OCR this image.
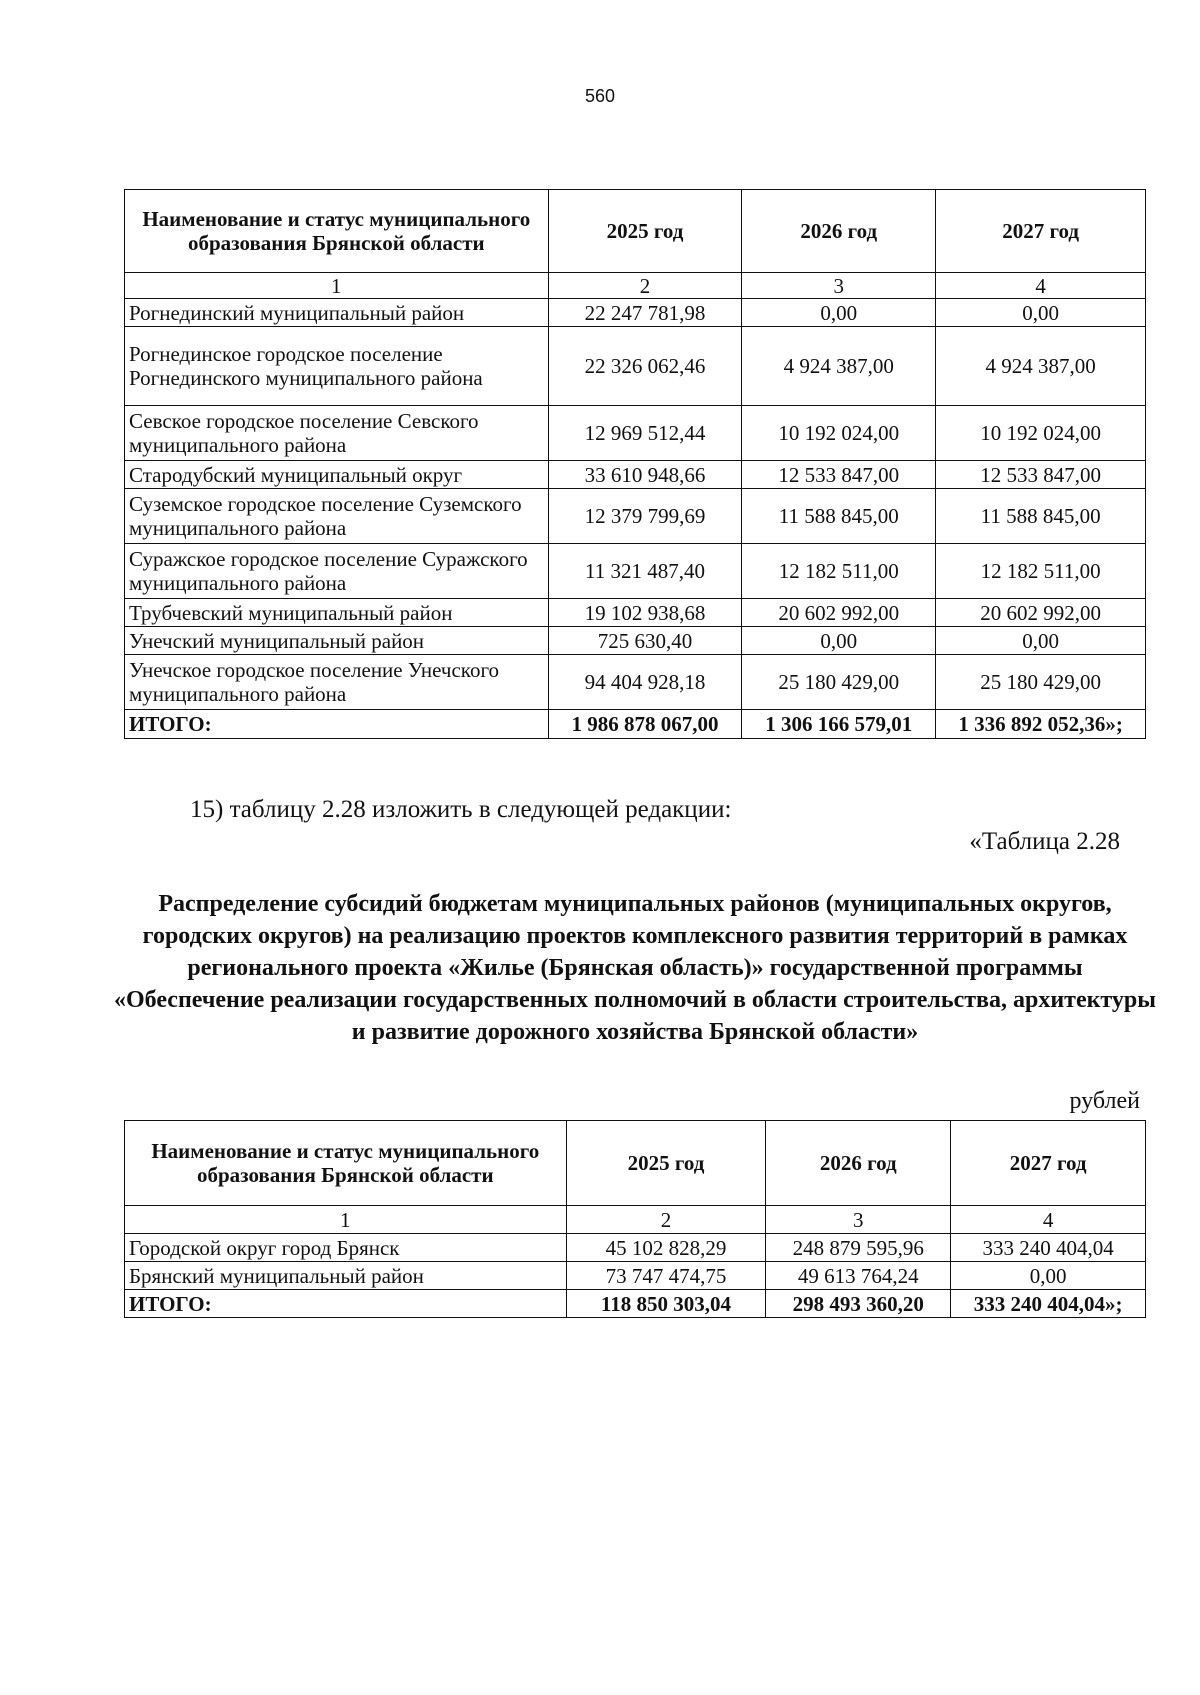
560
Наименование и статус муниципального образования Брянской области	2025 год	2026 год	2027 год
1	2	3	4
Рогнединский муниципальный район	22 247 781,98	0,00	0,00
Рогнединское городское поселение Рогнединского муниципального района	22 326 062,46	4 924 387,00	4 924 387,00
Севское городское поселение Севского муниципального района	12 969 512,44	10 192 024,00	10 192 024,00
Стародубский муниципальный округ	33 610 948,66	12 533 847,00	12 533 847,00
Суземское городское поселение Суземского муниципального района	12 379 799,69	11 588 845,00	11 588 845,00
Суражское городское поселение Суражского муниципального района	11 321 487,40	12 182 511,00	12 182 511,00
Трубчевский муниципальный район	19 102 938,68	20 602 992,00	20 602 992,00
Унечский муниципальный район	725 630,40	0,00	0,00
Унечское городское поселение Унечского муниципального района	94 404 928,18	25 180 429,00	25 180 429,00
ИТОГО:	1 986 878 067,00	1 306 166 579,01	1 336 892 052,36»;
15) таблицу 2.28 изложить в следующей редакции:
«Таблица 2.28
Распределение субсидий бюджетам муниципальных районов (муниципальных округов, городских округов) на реализацию проектов комплексного развития территорий в рамках регионального проекта «Жилье (Брянская область)» государственной программы «Обеспечение реализации государственных полномочий в области строительства, архитектуры и развитие дорожного хозяйства Брянской области»
рублей
Наименование и статус муниципального образования Брянской области	2025 год	2026 год	2027 год
1	2	3	4
Городской округ город Брянск	45 102 828,29	248 879 595,96	333 240 404,04
Брянский муниципальный район	73 747 474,75	49 613 764,24	0,00
ИТОГО:	118 850 303,04	298 493 360,20	333 240 404,04»;
